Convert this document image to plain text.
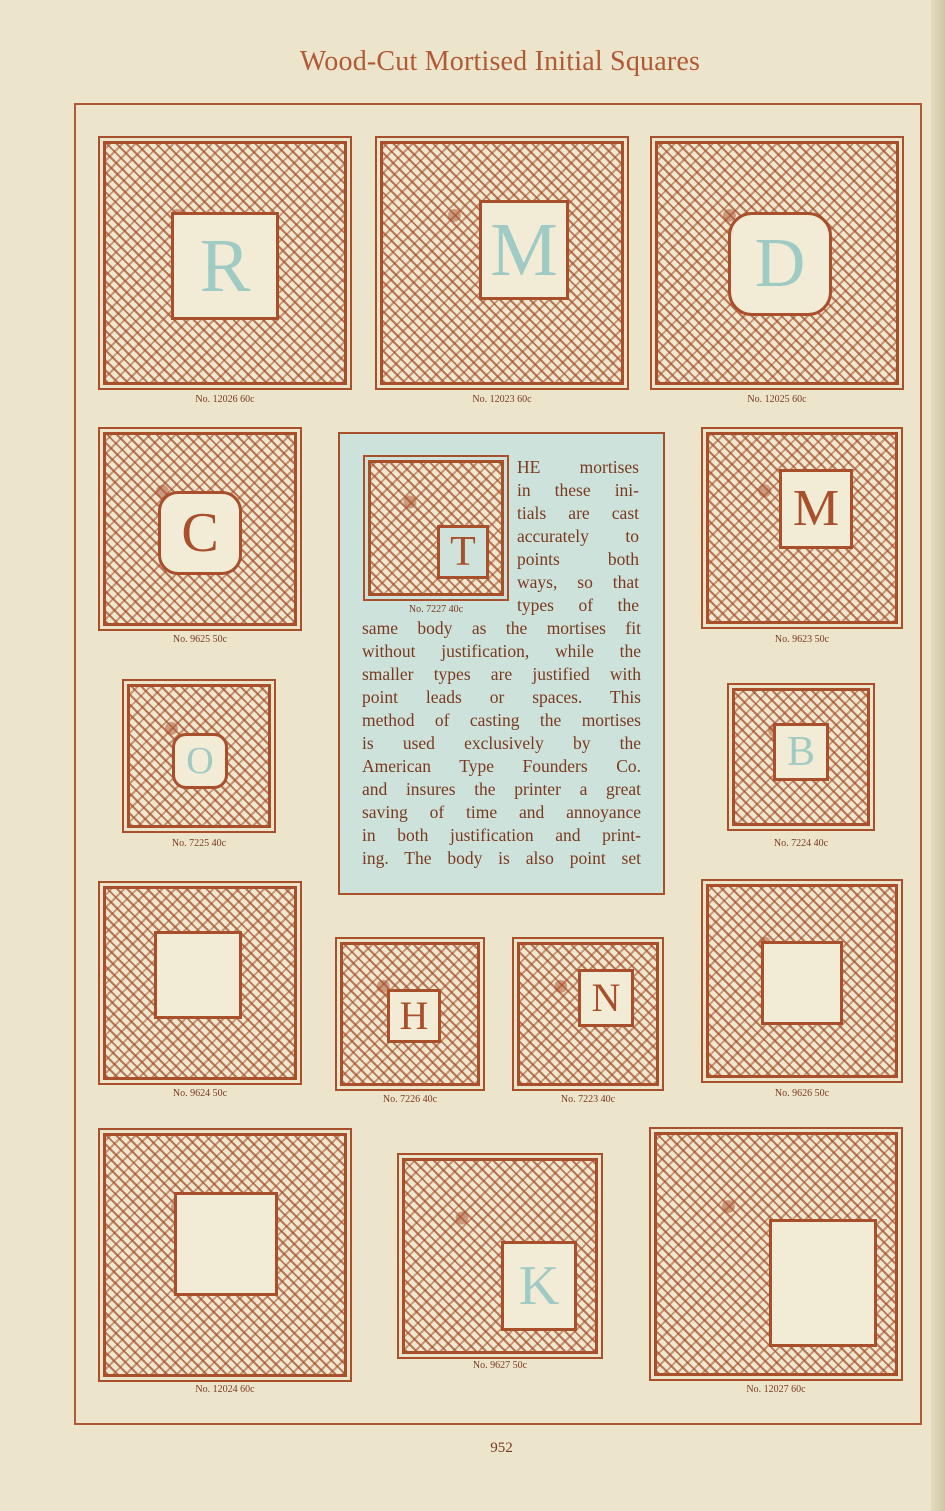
Wood-Cut Mortised Initial Squares
R
No. 12026 60c
M
No. 12023 60c
D
No. 12025 60c
C
No. 9625 50c
T
No. 7227 40c
HE mortises
in these ini-
tials are cast
accurately to
points both
ways, so that
types of the
same body as the mortises fit
without justification, while the
smaller types are justified with
point leads or spaces. This
method of casting the mortises
is used exclusively by the
American Type Founders Co.
and insures the printer a great
saving of time and annoyance
in both justification and print-
ing. The body is also point set
M
No. 9623 50c
O
No. 7225 40c
B
No. 7224 40c
No. 9624 50c
H
No. 7226 40c
N
No. 7223 40c
No. 9626 50c
No. 12024 60c
K
No. 9627 50c
No. 12027 60c
952
